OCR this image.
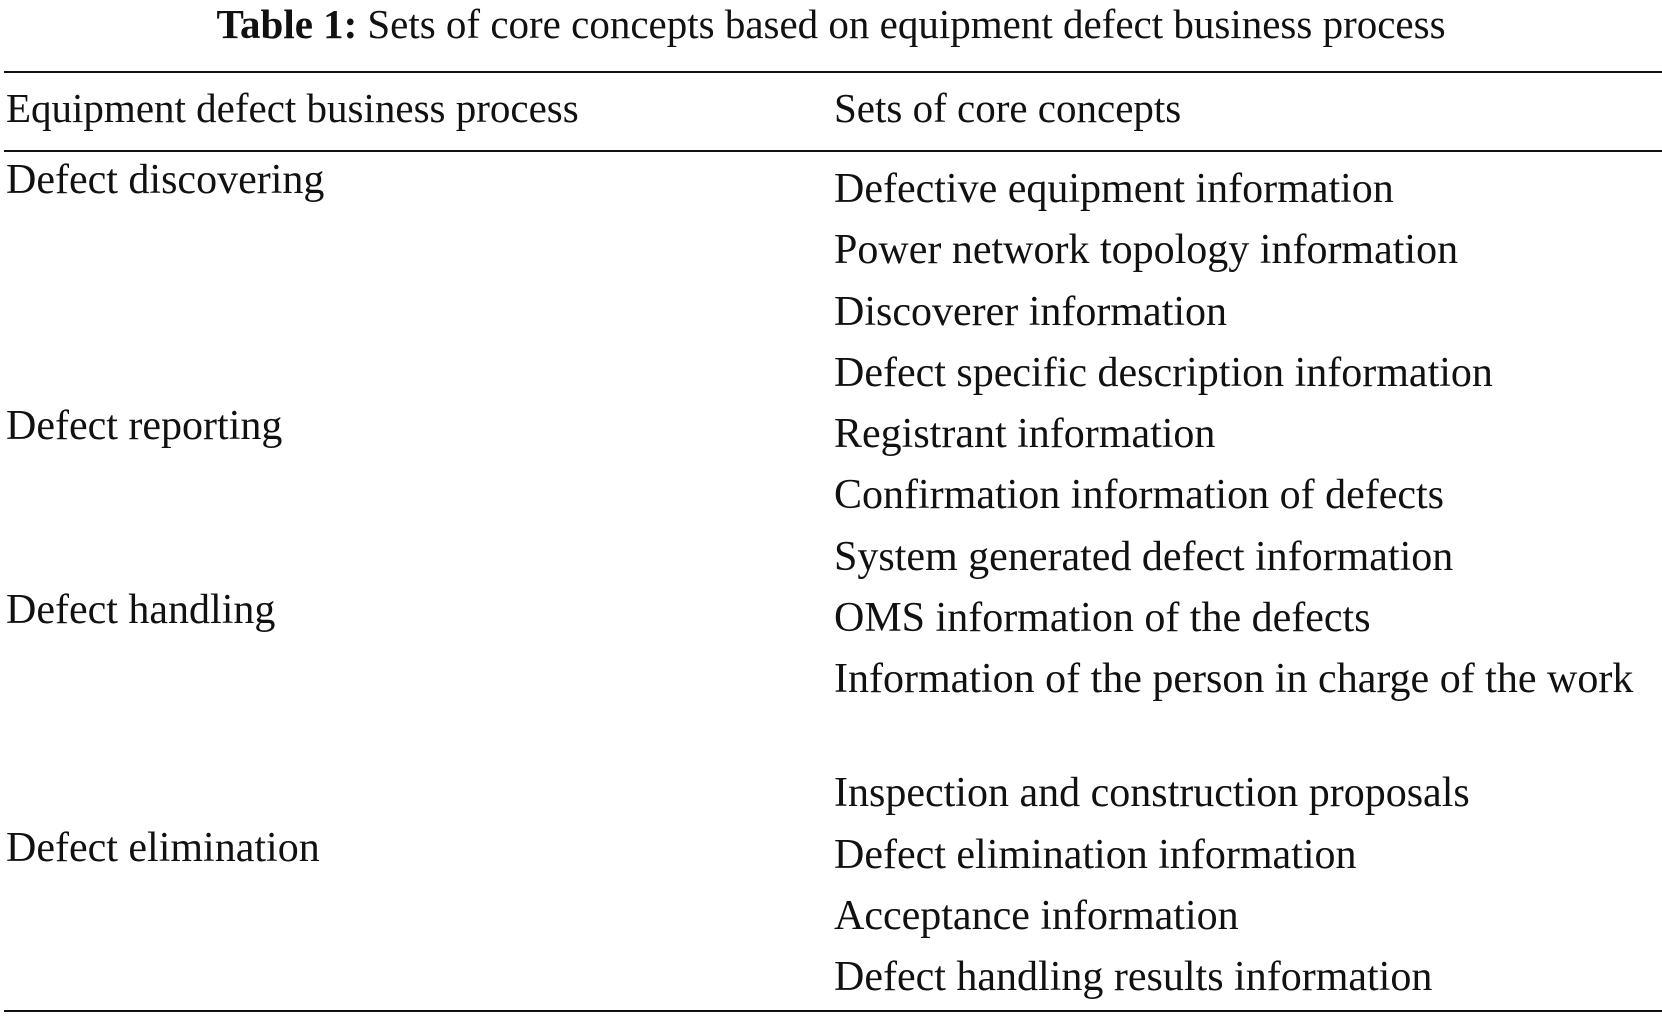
Table 1: Sets of core concepts based on equipment defect business process
Equipment defect business process	Sets of core concepts
Defect discovering
Defect reporting
Defect handling
Defect elimination
Defective equipment information
Power network topology information
Discoverer information
Defect specific description information
Registrant information
Confirmation information of defects
System generated defect information
OMS information of the defects
Information of the person in charge of the work
Inspection and construction proposals
Defect elimination information
Acceptance information
Defect handling results information
